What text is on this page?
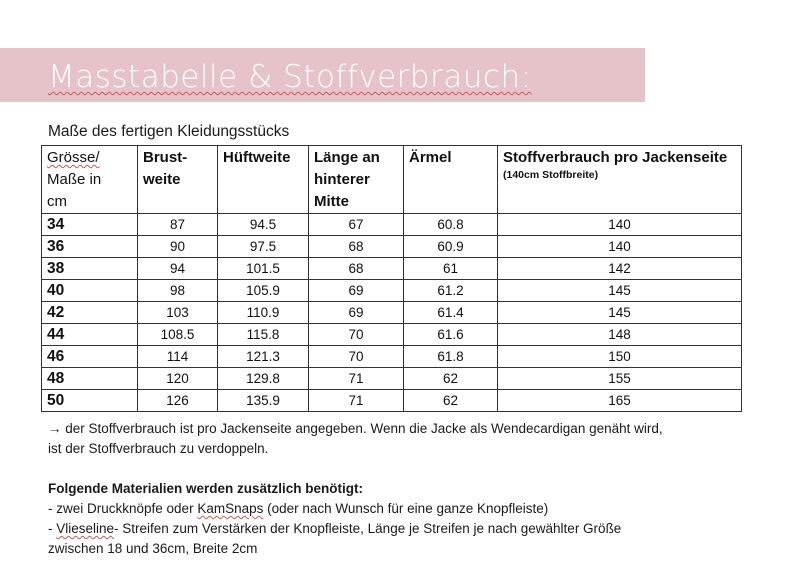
Masstabelle & Stoffverbrauch:
Maße des fertigen Kleidungsstücks
Grösse/
Maße in
cm	Brust-
weite	Hüftweite	Länge an
hinterer
Mitte	Ärmel	Stoffverbrauch pro Jackenseite
(140cm Stoffbreite)

34	87	94.5	67	60.8	140
36	90	97.5	68	60.9	140
38	94	101.5	68	61	142
40	98	105.9	69	61.2	145
42	103	110.9	69	61.4	145
44	108.5	115.8	70	61.6	148
46	114	121.3	70	61.8	150
48	120	129.8	71	62	155
50	126	135.9	71	62	165

→ der Stoffverbrauch ist pro Jackenseite angegeben. Wenn die Jacke als Wendecardigan genäht wird,

ist der Stoffverbrauch zu verdoppeln.

Folgende Materialien werden zusätzlich benötigt:

- zwei Druckknöpfe oder KamSnaps (oder nach Wunsch für eine ganze Knopfleiste)

- Vlieseline- Streifen zum Verstärken der Knopfleiste, Länge je Streifen je nach gewählter Größe

zwischen 18 und 36cm, Breite 2cm
